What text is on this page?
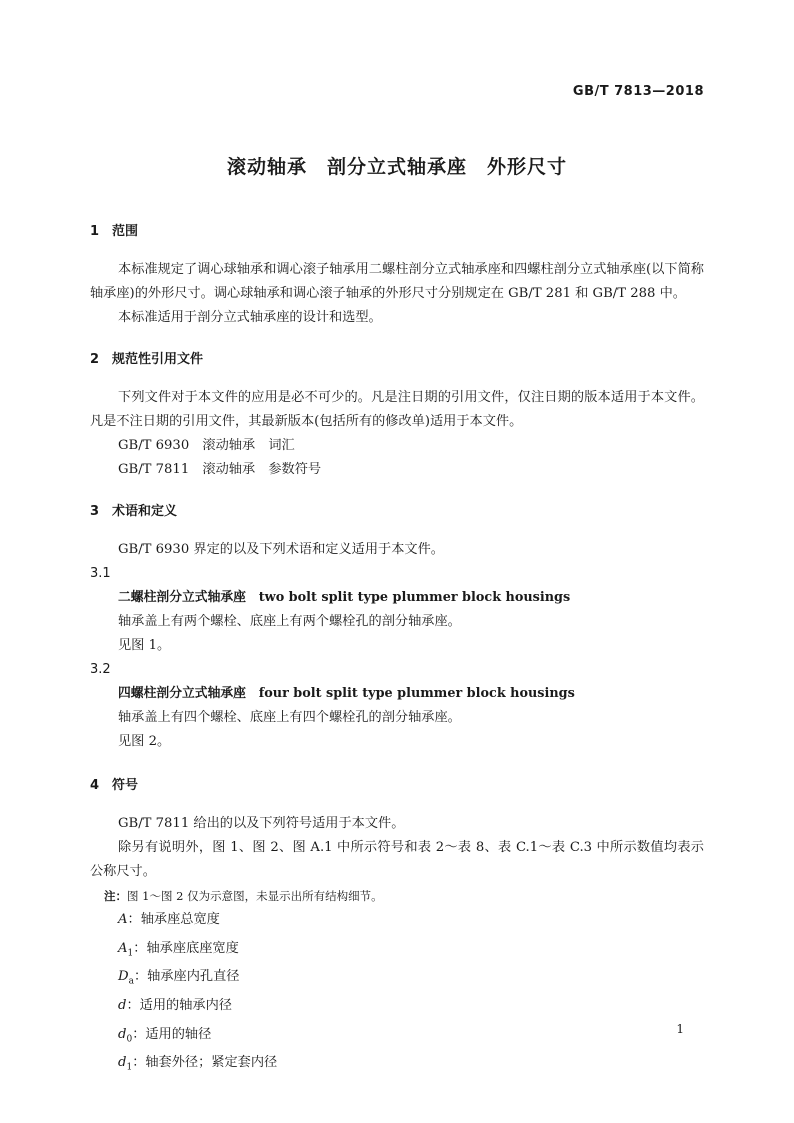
GB/T 7813—2018
滚动轴承　剖分立式轴承座　外形尺寸

1 范围

本标准规定了调心球轴承和调心滚子轴承用二螺柱剖分立式轴承座和四螺柱剖分立式轴承座(以下简称轴承座)的外形尺寸。调心球轴承和调心滚子轴承的外形尺寸分别规定在 GB/T 281 和 GB/T 288 中。

本标准适用于剖分立式轴承座的设计和选型。

2 规范性引用文件

下列文件对于本文件的应用是必不可少的。凡是注日期的引用文件，仅注日期的版本适用于本文件。凡是不注日期的引用文件，其最新版本(包括所有的修改单)适用于本文件。

GB/T 6930　滚动轴承　词汇

GB/T 7811　滚动轴承　参数符号

3 术语和定义

GB/T 6930 界定的以及下列术语和定义适用于本文件。

3.1

二螺柱剖分立式轴承座　 two bolt split type plummer block housings

轴承盖上有两个螺栓、底座上有两个螺栓孔的剖分轴承座。

见图 1。

3.2

四螺柱剖分立式轴承座　 four bolt split type plummer block housings

轴承盖上有四个螺栓、底座上有四个螺栓孔的剖分轴承座。

见图 2。

4 符号

GB/T 7811 给出的以及下列符号适用于本文件。

除另有说明外，图 1、图 2、图 A.1 中所示符号和表 2～表 8、表 C.1～表 C.3 中所示数值均表示公称尺寸。

注：图 1～图 2 仅为示意图，未显示出所有结构细节。

A：轴承座总宽度

$A_1$：轴承座底座宽度

$D_a$：轴承座内孔直径

d：适用的轴承内径

$d_0$：适用的轴径

$d_1$：轴套外径；紧定套内径

1
